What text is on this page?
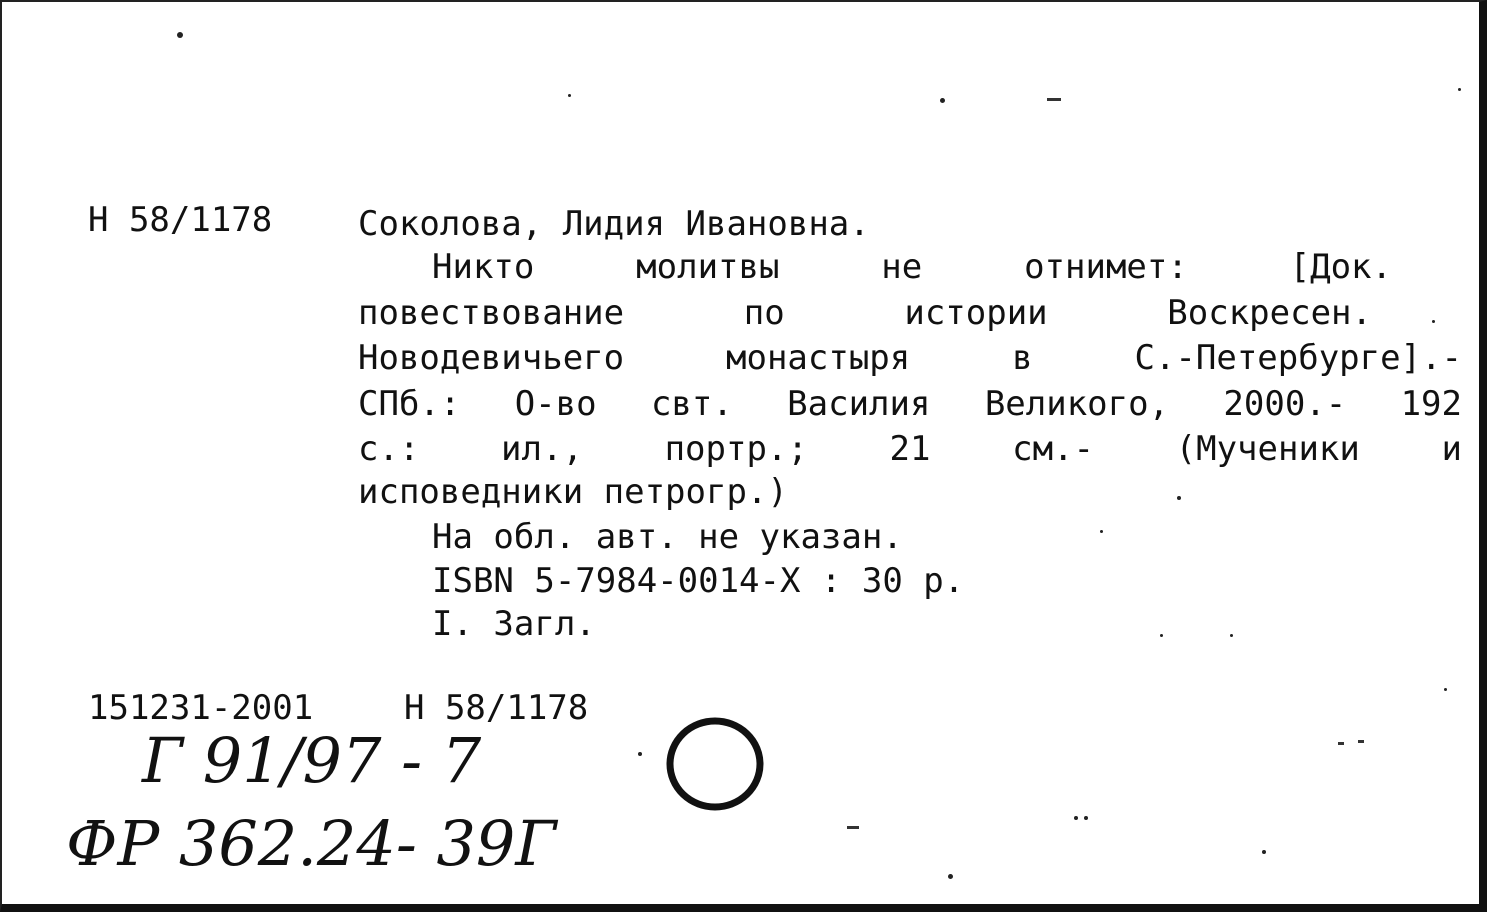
Н 58/1178	Соколова, Лидия Ивановна.
Никто молитвы не отнимет: [Док.
повествование по истории Воскресен.
Новодевичьего монастыря в С.-Петербурге].-
СПб.: О-во свт. Василия Великого, 2000.- 192
с.: ил., портр.; 21 см.- (Мученики и
исповедники петрогр.)
На обл. авт. не указан.
ISBN 5-7984-0014-X : 30 р.
I. Загл.
151231-2001	Н 58/1178
Г 91/97 - 7
ФР 362.24- 39Г
